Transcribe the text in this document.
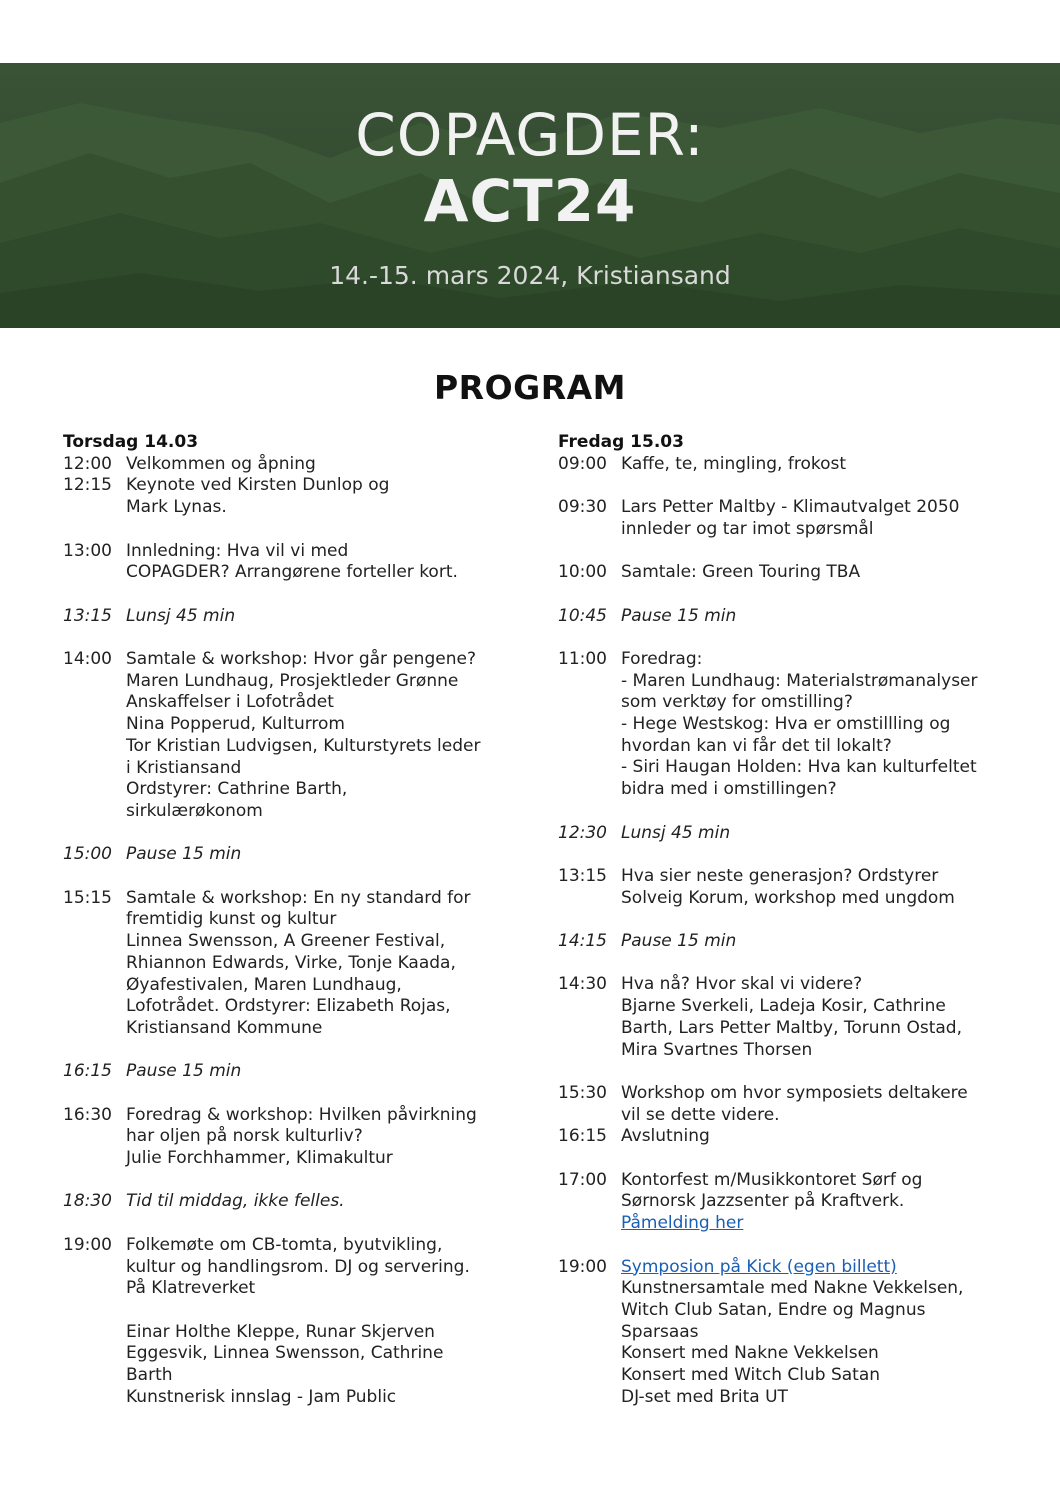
COPAGDER:
ACT24
14.-15. mars 2024, Kristiansand
PROGRAM
Torsdag 14.03
12:00 Velkommen og åpning
12:15 Keynote ved Kirsten Dunlop og
Mark Lynas.
13:00 Innledning: Hva vil vi med
COPAGDER? Arrangørene forteller kort.
13:15 Lunsj 45 min
14:00 Samtale & workshop: Hvor går pengene?
Maren Lundhaug, Prosjektleder Grønne
Anskaffelser i Lofotrådet
Nina Popperud, Kulturrom
Tor Kristian Ludvigsen, Kulturstyrets leder
i Kristiansand
Ordstyrer: Cathrine Barth,
sirkulærøkonom
15:00 Pause 15 min
15:15 Samtale & workshop: En ny standard for
fremtidig kunst og kultur
Linnea Swensson, A Greener Festival,
Rhiannon Edwards, Virke, Tonje Kaada,
Øyafestivalen, Maren Lundhaug,
Lofotrådet. Ordstyrer: Elizabeth Rojas,
Kristiansand Kommune
16:15 Pause 15 min
16:30 Foredrag & workshop: Hvilken påvirkning
har oljen på norsk kulturliv?
Julie Forchhammer, Klimakultur
18:30 Tid til middag, ikke felles.
19:00 Folkemøte om CB-tomta, byutvikling,
kultur og handlingsrom. DJ og servering.
På Klatreverket
Einar Holthe Kleppe, Runar Skjerven
Eggesvik, Linnea Swensson, Cathrine
Barth
Kunstnerisk innslag - Jam Public
Fredag 15.03
09:00 Kaffe, te, mingling, frokost
09:30 Lars Petter Maltby - Klimautvalget 2050
innleder og tar imot spørsmål
10:00 Samtale: Green Touring TBA
10:45 Pause 15 min
11:00 Foredrag:
- Maren Lundhaug: Materialstrømanalyser
som verktøy for omstilling?
- Hege Westskog: Hva er omstillling og
hvordan kan vi får det til lokalt?
- Siri Haugan Holden: Hva kan kulturfeltet
bidra med i omstillingen?
12:30 Lunsj 45 min
13:15 Hva sier neste generasjon? Ordstyrer
Solveig Korum, workshop med ungdom
14:15 Pause 15 min
14:30 Hva nå? Hvor skal vi videre?
Bjarne Sverkeli, Ladeja Kosir, Cathrine
Barth, Lars Petter Maltby, Torunn Ostad,
Mira Svartnes Thorsen
15:30 Workshop om hvor symposiets deltakere
vil se dette videre.
16:15 Avslutning
17:00 Kontorfest m/Musikkontoret Sørf og
Sørnorsk Jazzsenter på Kraftverk.
Påmelding her
19:00 Symposion på Kick (egen billett)
Kunstnersamtale med Nakne Vekkelsen,
Witch Club Satan, Endre og Magnus
Sparsaas
Konsert med Nakne Vekkelsen
Konsert med Witch Club Satan
DJ-set med Brita UT
